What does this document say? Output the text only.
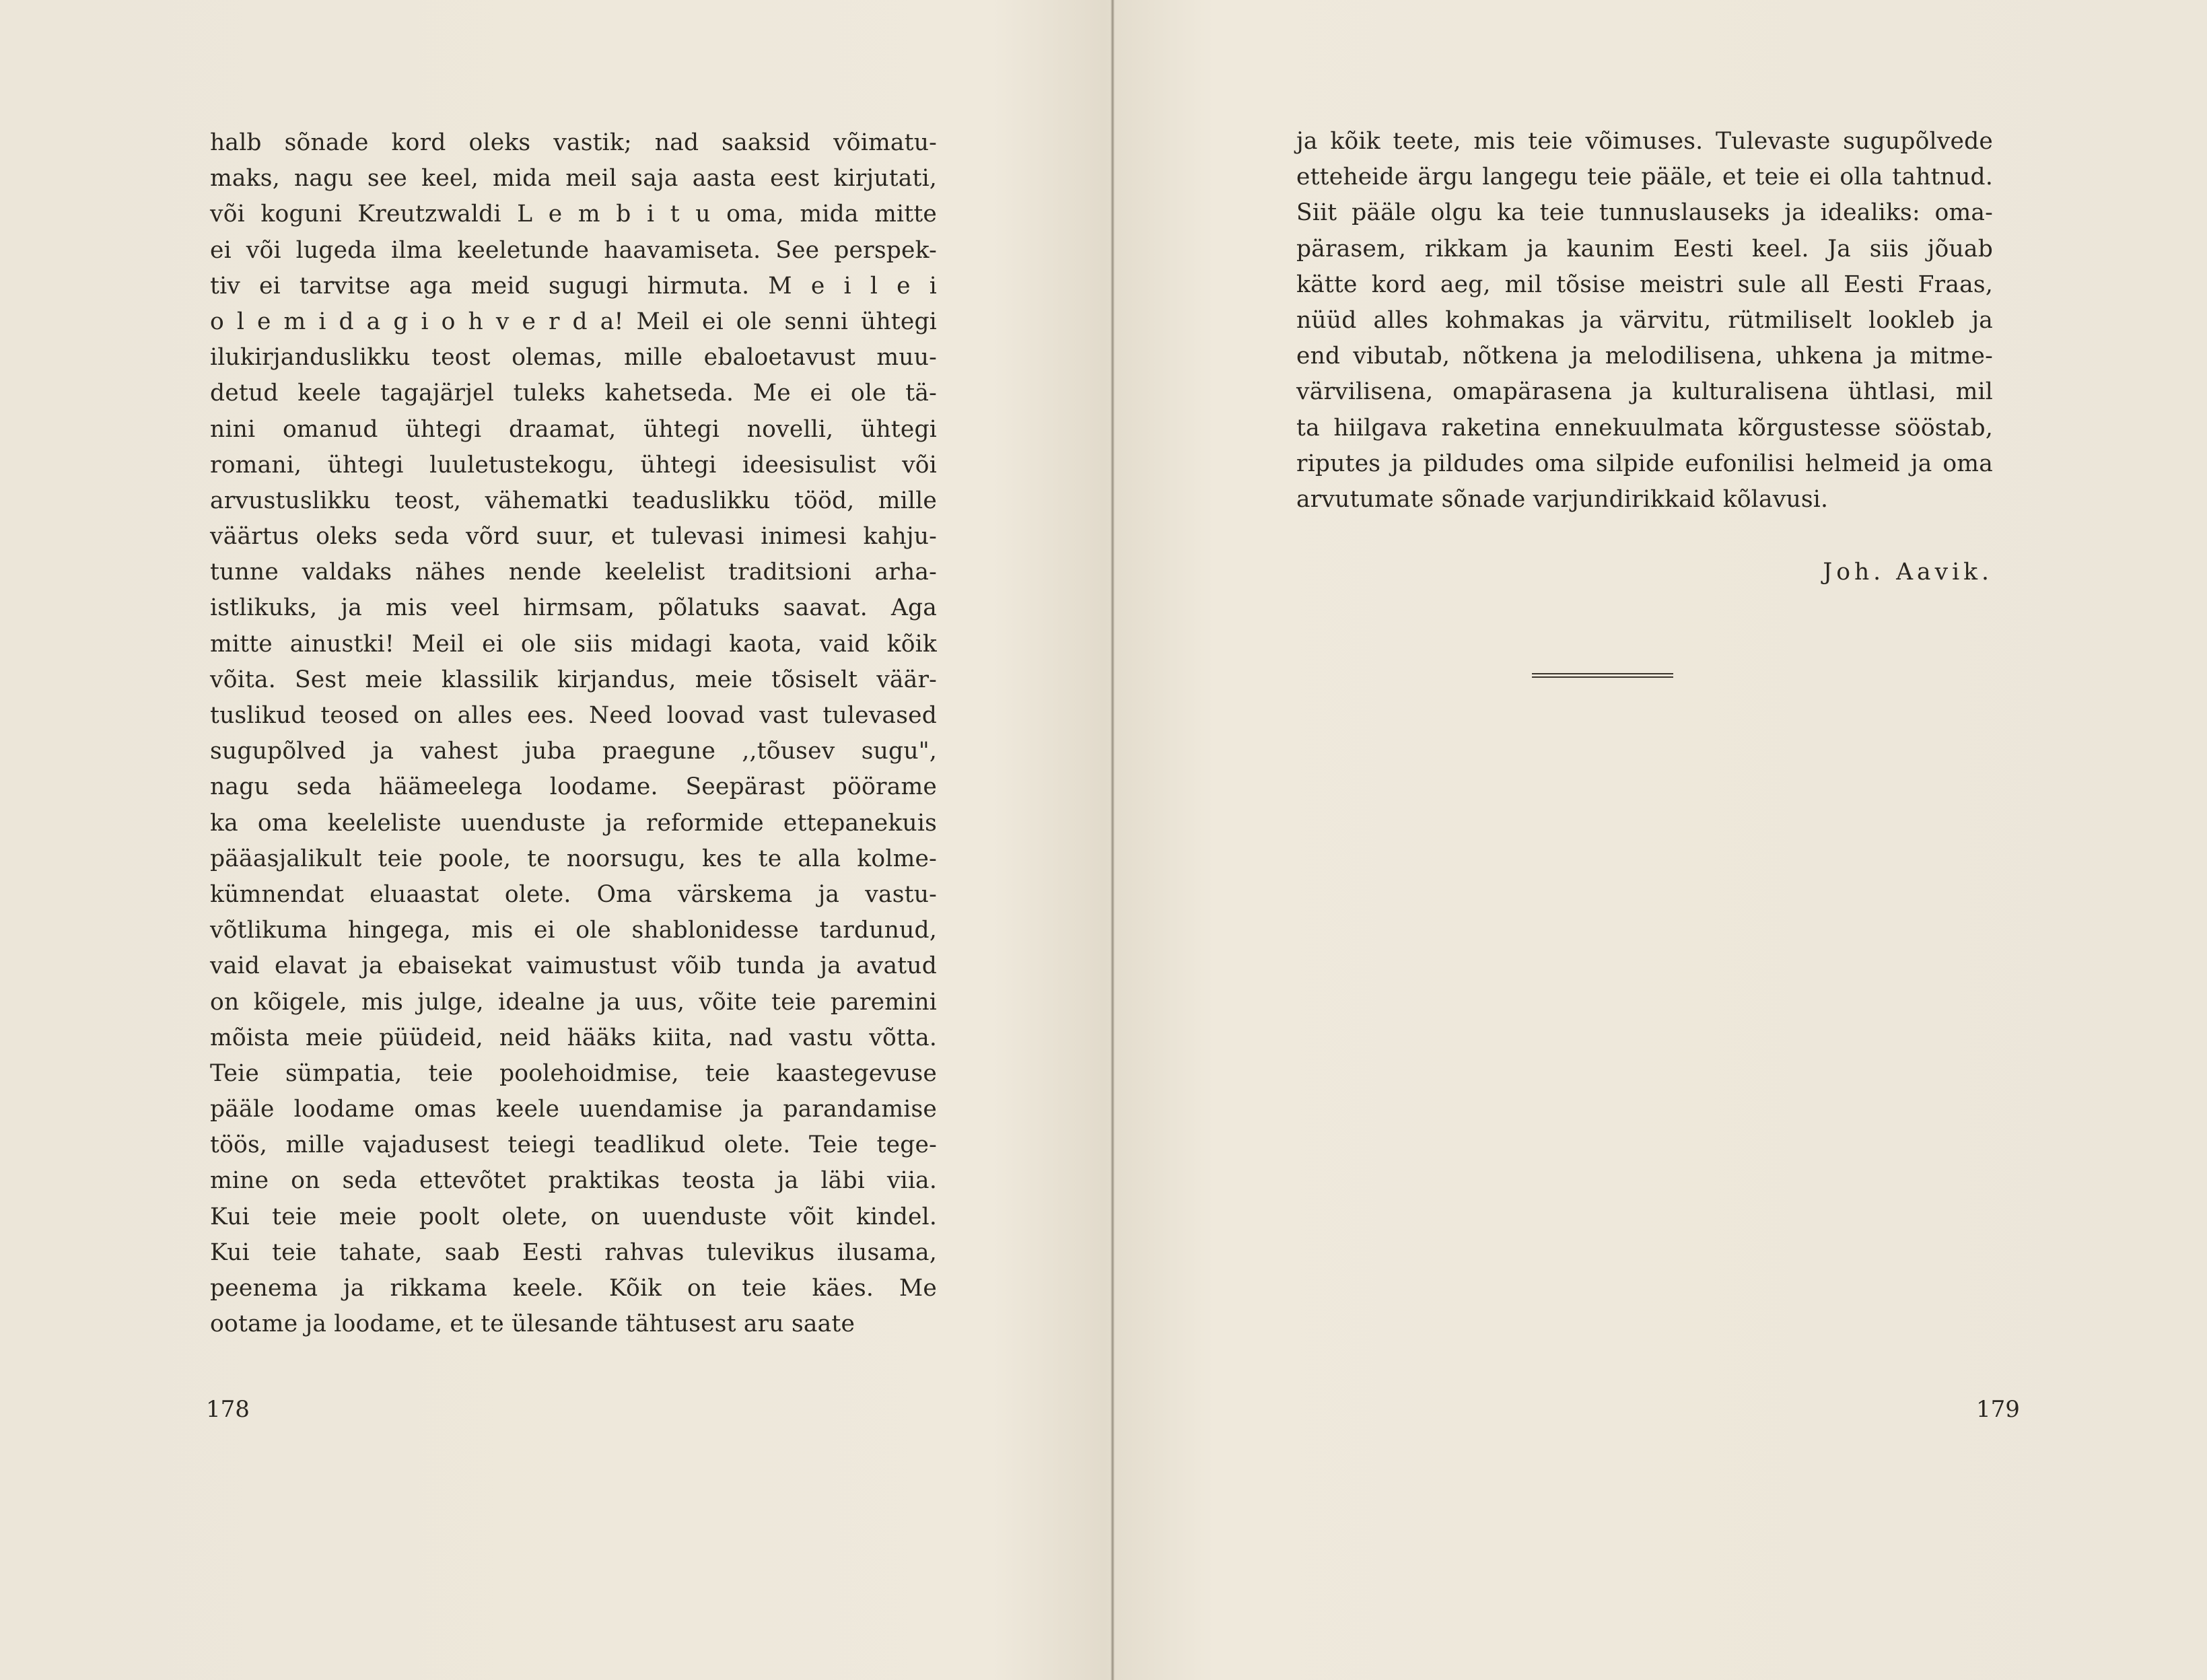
halb sõnade kord oleks vastik; nad saaksid võimatu-
maks, nagu see keel, mida meil saja aasta eest kirjutati,
või koguni Kreutzwaldi L e m b i t u oma, mida mitte
ei või lugeda ilma keeletunde haavamiseta. See perspek-
tiv ei tarvitse aga meid sugugi hirmuta. M e i l e i
o l e m i d a g i o h v e r d a! Meil ei ole senni ühtegi
ilukirjanduslikku teost olemas, mille ebaloetavust muu-
detud keele tagajärjel tuleks kahetseda. Me ei ole tä-
nini omanud ühtegi draamat, ühtegi novelli, ühtegi
romani, ühtegi luuletustekogu, ühtegi ideesisulist või
arvustuslikku teost, vähematki teaduslikku tööd, mille
väärtus oleks seda võrd suur, et tulevasi inimesi kahju-
tunne valdaks nähes nende keelelist traditsioni arha-
istlikuks, ja mis veel hirmsam, põlatuks saavat. Aga
mitte ainustki! Meil ei ole siis midagi kaota, vaid kõik
võita. Sest meie klassilik kirjandus, meie tõsiselt väär-
tuslikud teosed on alles ees. Need loovad vast tulevased
sugupõlved ja vahest juba praegune ,,tõusev sugu",
nagu seda häämeelega loodame. Seepärast pöörame
ka oma keeleliste uuenduste ja reformide ettepanekuis
pääasjalikult teie poole, te noorsugu, kes te alla kolme-
kümnendat eluaastat olete. Oma värskema ja vastu-
võtlikuma hingega, mis ei ole shablonidesse tardunud,
vaid elavat ja ebaisekat vaimustust võib tunda ja avatud
on kõigele, mis julge, idealne ja uus, võite teie paremini
mõista meie püüdeid, neid hääks kiita, nad vastu võtta.
Teie sümpatia, teie poolehoidmise, teie kaastegevuse
pääle loodame omas keele uuendamise ja parandamise
töös, mille vajadusest teiegi teadlikud olete. Teie tege-
mine on seda ettevõtet praktikas teosta ja läbi viia.
Kui teie meie poolt olete, on uuenduste võit kindel.
Kui teie tahate, saab Eesti rahvas tulevikus ilusama,
peenema ja rikkama keele. Kõik on teie käes. Me
ootame ja loodame, et te ülesande tähtusest aru saate
178
ja kõik teete, mis teie võimuses. Tulevaste sugupõlvede
etteheide ärgu langegu teie pääle, et teie ei olla tahtnud.
Siit pääle olgu ka teie tunnuslauseks ja idealiks: oma-
pärasem, rikkam ja kaunim Eesti keel. Ja siis jõuab
kätte kord aeg, mil tõsise meistri sule all Eesti Fraas,
nüüd alles kohmakas ja värvitu, rütmiliselt lookleb ja
end vibutab, nõtkena ja melodilisena, uhkena ja mitme-
värvilisena, omapärasena ja kulturalisena ühtlasi, mil
ta hiilgava raketina ennekuulmata kõrgustesse sööstab,
riputes ja pildudes oma silpide eufonilisi helmeid ja oma
arvutumate sõnade varjundirikkaid kõlavusi.
Joh. Aavik.
179
